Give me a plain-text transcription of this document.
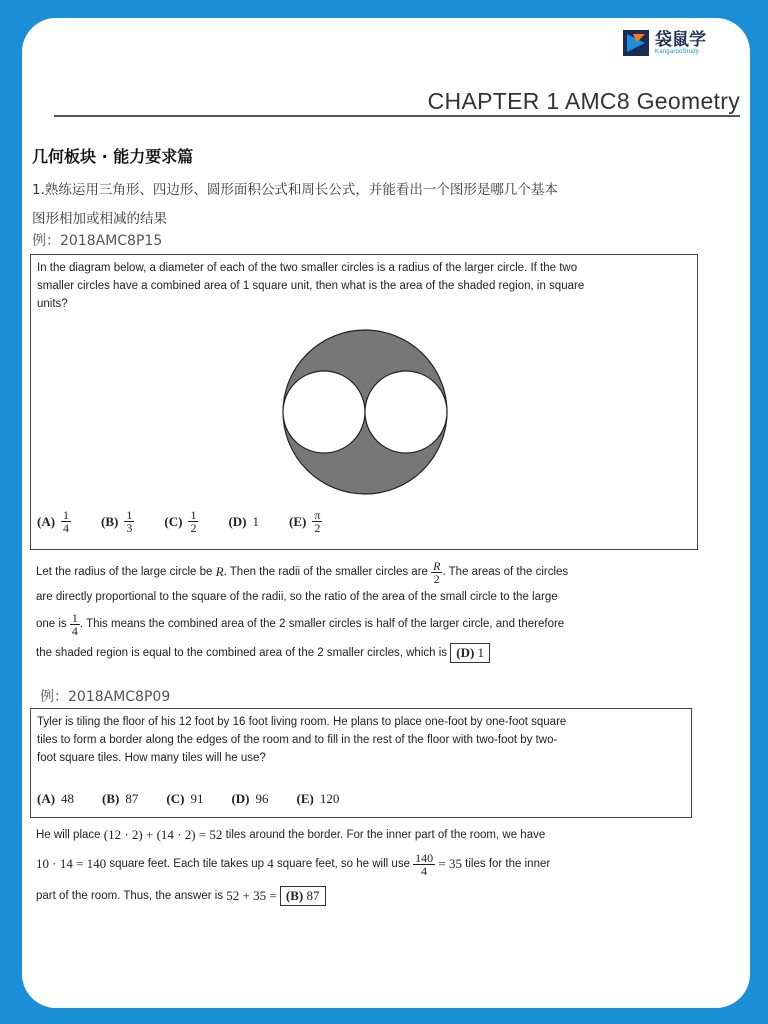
袋鼠学
KangarooStudy
CHAPTER 1 AMC8 Geometry
几何板块 · 能力要求篇
1.熟练运用三角形、四边形、圆形面积公式和周长公式，并能看出一个图形是哪几个基本
图形相加或相减的结果
例：2018AMC8P15
In the diagram below, a diameter of each of the two smaller circles is a radius of the larger circle. If the two
smaller circles have a combined area of 1 square unit, then what is the area of the shaded region, in square
units?
$(A) \frac{1}{4} (B) \frac{1}{3} (C) \frac{1}{2} (D)$ 1 $(E) \frac{\pi}{2}$
Let the radius of the large circle be
R . Then the radii of the smaller circles are
$\frac{R}{2}$ . The areas of the circles
are directly proportional to the square of the radii, so the ratio of the area of the small circle to the large
one is
$\frac{1}{4}$ . This means the combined area of the 2 smaller circles is half of the larger circle, and therefore
the shaded region is equal to the combined area of the 2 smaller circles, which is
(D) 1
例：2018AMC8P09
Tyler is tiling the floor of his 12 foot by 16 foot living room. He plans to place one-foot by one-foot square
tiles to form a border along the edges of the room and to fill in the rest of the floor with two-foot by two-
foot square tiles. How many tiles will he use?
(A) 48 (B) 87 (C) 91 (D) 96 (E) 120
He will place
(12 · 2) + (14 · 2) = 52
tiles around the border. For the inner part of the room, we have
10 · 14 = 140
square feet. Each tile takes up
4
square feet, so he will use
$\frac{140}{4}$
= 35
tiles for the inner
part of the room. Thus, the answer is
52 + 35 =
(B) 87
